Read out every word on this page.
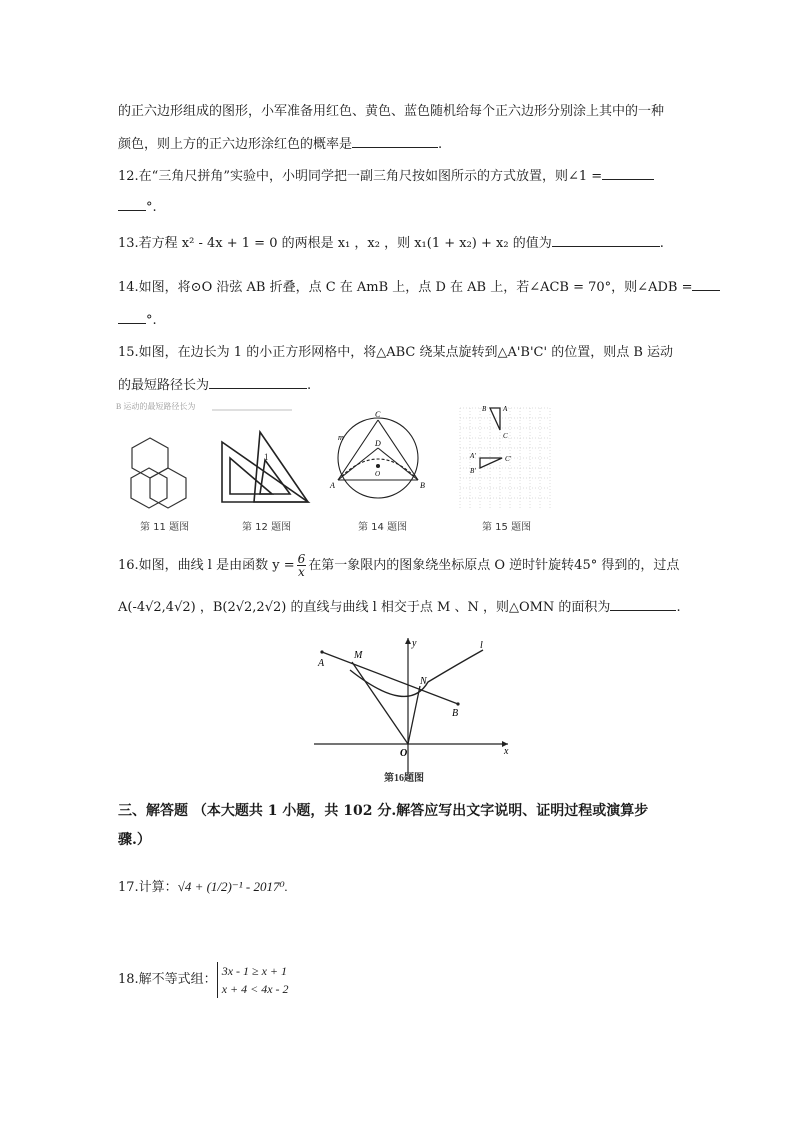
的正六边形组成的图形，小军准备用红色、黄色、蓝色随机给每个正六边形分别涂上其中的一种
颜色，则上方的正六边形涂红色的概率是	.
12.在“三角尺拼角”实验中，小明同学把一副三角尺按如图所示的方式放置，则∠1 =
°.
13.若方程 x² - 4x + 1 = 0 的两根是 x₁ ，x₂ ，则 x₁(1 + x₂) + x₂ 的值为	.
14.如图，将⊙O 沿弦 AB 折叠，点 C 在 AmB 上，点 D 在 AB 上，若∠ACB = 70°，则∠ADB =
°.
15.如图，在边长为 1 的小正方形网格中，将△ABC 绕某点旋转到△A'B'C' 的位置，则点 B 运动
的最短路径长为	.
B 运动的最短路径长为
第 11 题图
1
第 12 题图
C
D
O
A	B
m
第 14 题图
B A
C
A'
B'
C'
第 15 题图
16.如图，曲线 l 是由函数 $y = \frac{6}{x}$ 在第一象限内的图象绕坐标原点 O 逆时针旋转45° 得到的，过点
A(-4√2,4√2) ，B(2√2,2√2) 的直线与曲线 l 相交于点 M 、N ，则△OMN 的面积为	.
y	l
A
M
N
B
O	x
第16题图
三、解答题 （本大题共 1 小题，共 102 分.解答应写出文字说明、证明过程或演算步
骤.）
17.计算：√4 + (1/2)⁻¹ - 2017⁰.
18.解不等式组：
3x - 1 ≥ x + 1
x + 4 < 4x - 2
